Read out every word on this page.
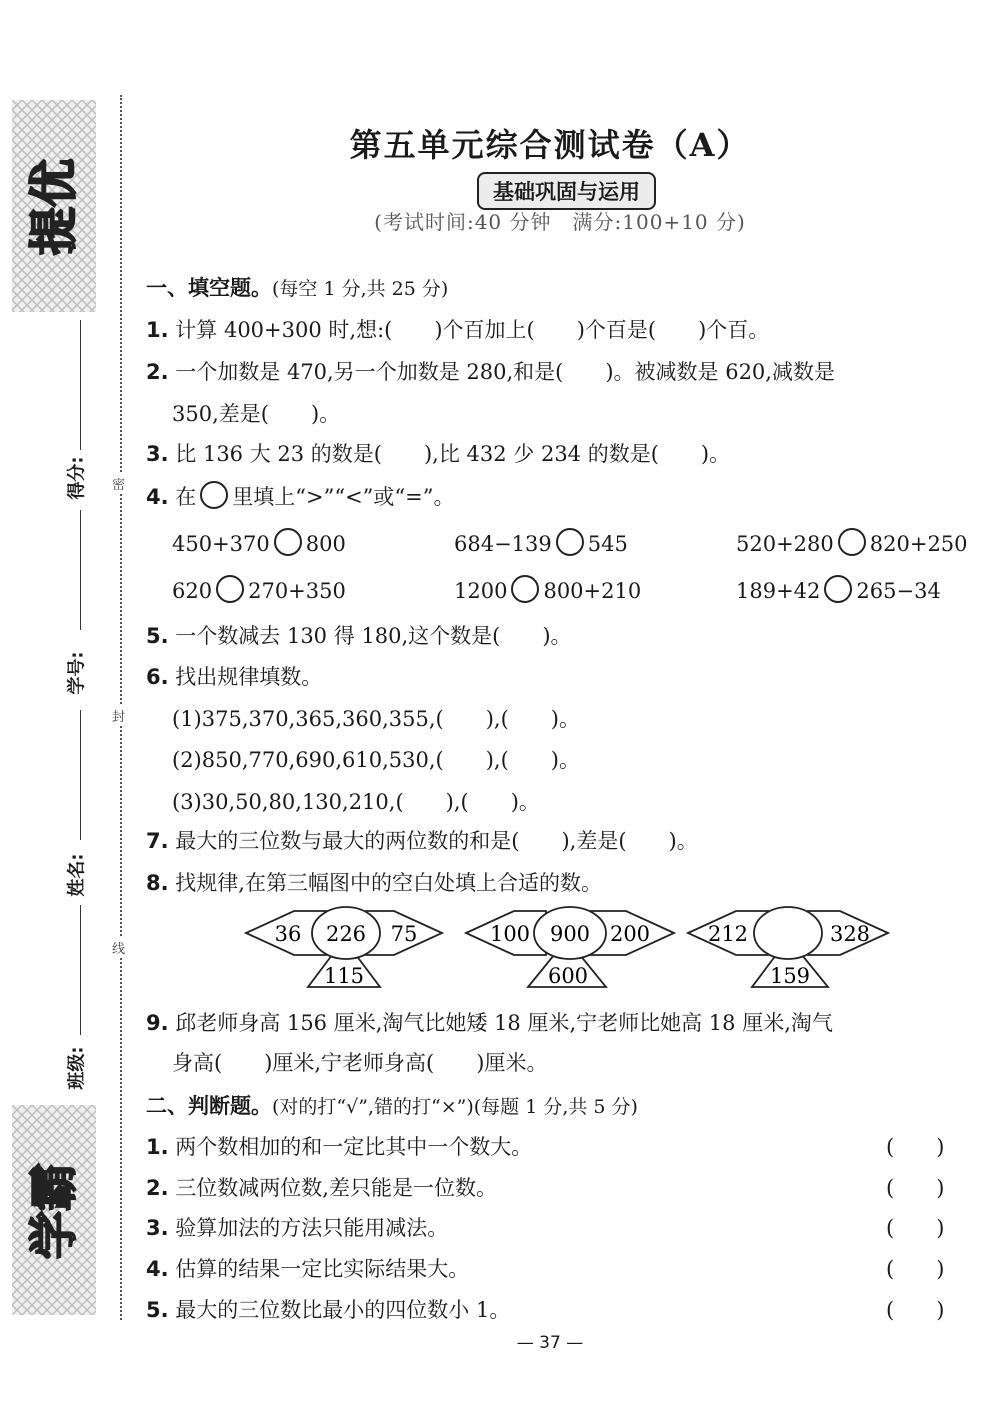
提优
学霸
得分:
学号:
姓名:
班级:
密
封
线
第五单元综合测试卷（A）
基础巩固与运用
(考试时间:40 分钟　满分:100+10 分)
一、填空题。(每空 1 分,共 25 分)
1. 计算 400+300 时,想:(　　)个百加上(　　)个百是(　　)个百。
2. 一个加数是 470,另一个加数是 280,和是(　　)。被减数是 620,减数是
350,差是(　　)。
3. 比 136 大 23 的数是(　　),比 432 少 234 的数是(　　)。
4. 在 里填上“>”“<”或“=”。
450+370 800	684−139 545	520+280 820+250
620 270+350	1200 800+210	189+42 265−34
5. 一个数减去 130 得 180,这个数是(　　)。
6. 找出规律填数。
(1)375,370,365,360,355,(　　),(　　)。
(2)850,770,690,610,530,(　　),(　　)。
(3)30,50,80,130,210,(　　),(　　)。
7. 最大的三位数与最大的两位数的和是(　　),差是(　　)。
8. 找规律,在第三幅图中的空白处填上合适的数。
36 226 75
115
100 900 200
600
212	328
159
9. 邱老师身高 156 厘米,淘气比她矮 18 厘米,宁老师比她高 18 厘米,淘气
身高(　　)厘米,宁老师身高(　　)厘米。
二、判断题。(对的打“√”,错的打“×”)(每题 1 分,共 5 分)
1. 两个数相加的和一定比其中一个数大。	(　　)
2. 三位数减两位数,差只能是一位数。	(　　)
3. 验算加法的方法只能用减法。	(　　)
4. 估算的结果一定比实际结果大。	(　　)
5. 最大的三位数比最小的四位数小 1。	(　　)
— 37 —
